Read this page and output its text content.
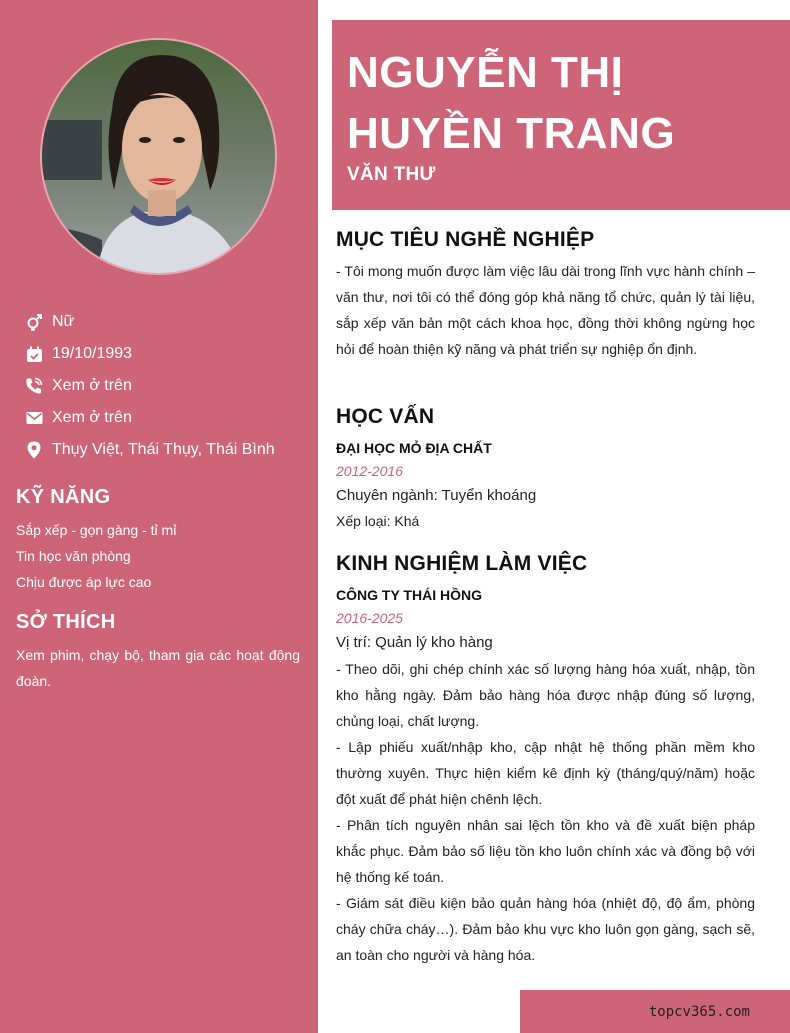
Nữ
19/10/1993
Xem ở trên
Xem ở trên
Thụy Việt, Thái Thụy, Thái Bình
KỸ NĂNG
Sắp xếp - gọn gàng - tỉ mỉ
Tin học văn phòng
Chịu được áp lực cao
SỞ THÍCH
Xem phim, chạy bộ, tham gia các hoạt động đoàn.
NGUYỄN THỊ
HUYỀN TRANG
VĂN THƯ
MỤC TIÊU NGHỀ NGHIỆP
- Tôi mong muốn được làm việc lâu dài trong lĩnh vực hành chính – văn thư, nơi tôi có thể đóng góp khả năng tổ chức, quản lý tài liệu, sắp xếp văn bản một cách khoa học, đồng thời không ngừng học hỏi để hoàn thiện kỹ năng và phát triển sự nghiệp ổn định.
HỌC VẤN
ĐẠI HỌC MỎ ĐỊA CHẤT
2012-2016
Chuyên ngành: Tuyển khoáng
Xếp loại: Khá
KINH NGHIỆM LÀM VIỆC
CÔNG TY THÁI HỒNG
2016-2025
Vị trí: Quản lý kho hàng
- Theo dõi, ghi chép chính xác số lượng hàng hóa xuất, nhập, tồn kho hằng ngày. Đảm bảo hàng hóa được nhập đúng số lượng, chủng loại, chất lượng.
- Lập phiếu xuất/nhập kho, cập nhật hệ thống phần mềm kho thường xuyên. Thực hiện kiểm kê định kỳ (tháng/quý/năm) hoặc đột xuất để phát hiện chênh lệch.
- Phân tích nguyên nhân sai lệch tồn kho và đề xuất biện pháp khắc phục. Đảm bảo số liệu tồn kho luôn chính xác và đồng bộ với hệ thống kế toán.
- Giám sát điều kiện bảo quản hàng hóa (nhiệt độ, độ ẩm, phòng cháy chữa cháy…). Đảm bảo khu vực kho luôn gọn gàng, sạch sẽ, an toàn cho người và hàng hóa.
topcv365.com
